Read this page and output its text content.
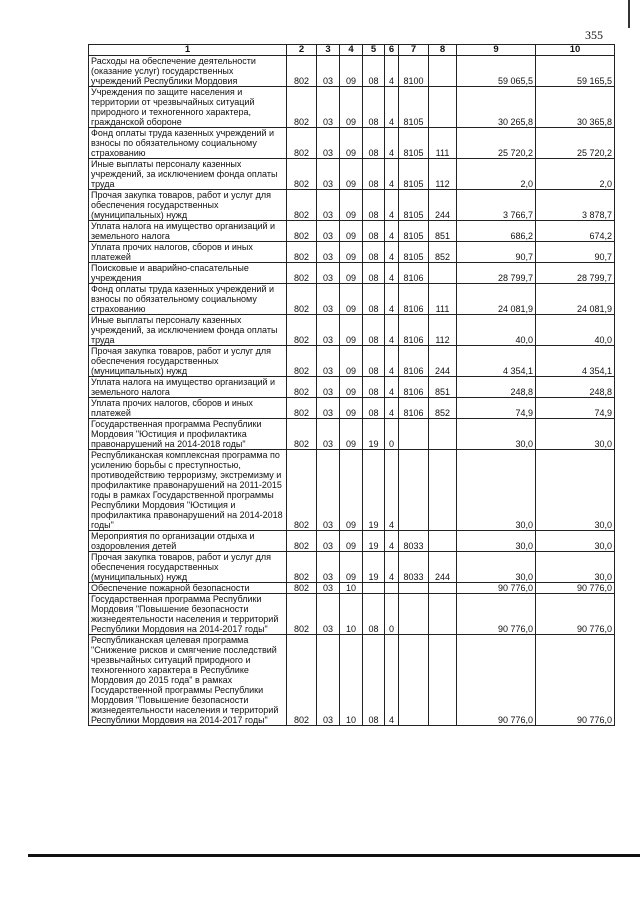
355
1	2	3	4	5	6	7	8	9	10
Расходы на обеспечение деятельности (оказание услуг) государственных учреждений Республики Мордовия	802	03	09	08	4	8100		59 065,5	59 165,5
Учреждения по защите населения и территории от чрезвычайных ситуаций природного и техногенного характера, гражданской обороне	802	03	09	08	4	8105		30 265,8	30 365,8
Фонд оплаты труда казенных учреждений и взносы по обязательному социальному страхованию	802	03	09	08	4	8105	111	25 720,2	25 720,2
Иные выплаты персоналу казенных учреждений, за исключением фонда оплаты труда	802	03	09	08	4	8105	112	2,0	2,0
Прочая закупка товаров, работ и услуг для обеспечения государственных (муниципальных) нужд	802	03	09	08	4	8105	244	3 766,7	3 878,7
Уплата налога на имущество организаций и земельного налога	802	03	09	08	4	8105	851	686,2	674,2
Уплата прочих налогов, сборов и иных платежей	802	03	09	08	4	8105	852	90,7	90,7
Поисковые и аварийно-спасательные учреждения	802	03	09	08	4	8106		28 799,7	28 799,7
Фонд оплаты труда казенных учреждений и взносы по обязательному социальному страхованию	802	03	09	08	4	8106	111	24 081,9	24 081,9
Иные выплаты персоналу казенных учреждений, за исключением фонда оплаты труда	802	03	09	08	4	8106	112	40,0	40,0
Прочая закупка товаров, работ и услуг для обеспечения государственных (муниципальных) нужд	802	03	09	08	4	8106	244	4 354,1	4 354,1
Уплата налога на имущество организаций и земельного налога	802	03	09	08	4	8106	851	248,8	248,8
Уплата прочих налогов, сборов и иных платежей	802	03	09	08	4	8106	852	74,9	74,9
Государственная программа Республики Мордовия "Юстиция и профилактика правонарушений на 2014-2018 годы"	802	03	09	19	0			30,0	30,0
Республиканская комплексная программа по усилению борьбы с преступностью, противодействию терроризму, экстремизму и профилактике правонарушений на 2011-2015 годы в рамках Государственной программы Республики Мордовия "Юстиция и профилактика правонарушений на 2014-2018 годы"	802	03	09	19	4			30,0	30,0
Мероприятия по организации отдыха и оздоровления детей	802	03	09	19	4	8033		30,0	30,0
Прочая закупка товаров, работ и услуг для обеспечения государственных (муниципальных) нужд	802	03	09	19	4	8033	244	30,0	30,0
Обеспечение пожарной безопасности	802	03	10					90 776,0	90 776,0
Государственная программа Республики Мордовия "Повышение безопасности жизнедеятельности населения и территорий Республики Мордовия на 2014-2017 годы"	802	03	10	08	0			90 776,0	90 776,0
Республиканская целевая программа "Снижение рисков и смягчение последствий чрезвычайных ситуаций природного и техногенного характера в Республике Мордовия до 2015 года" в рамках Государственной программы Республики Мордовия "Повышение безопасности жизнедеятельности населения и территорий Республики Мордовия на 2014-2017 годы"	802	03	10	08	4			90 776,0	90 776,0
